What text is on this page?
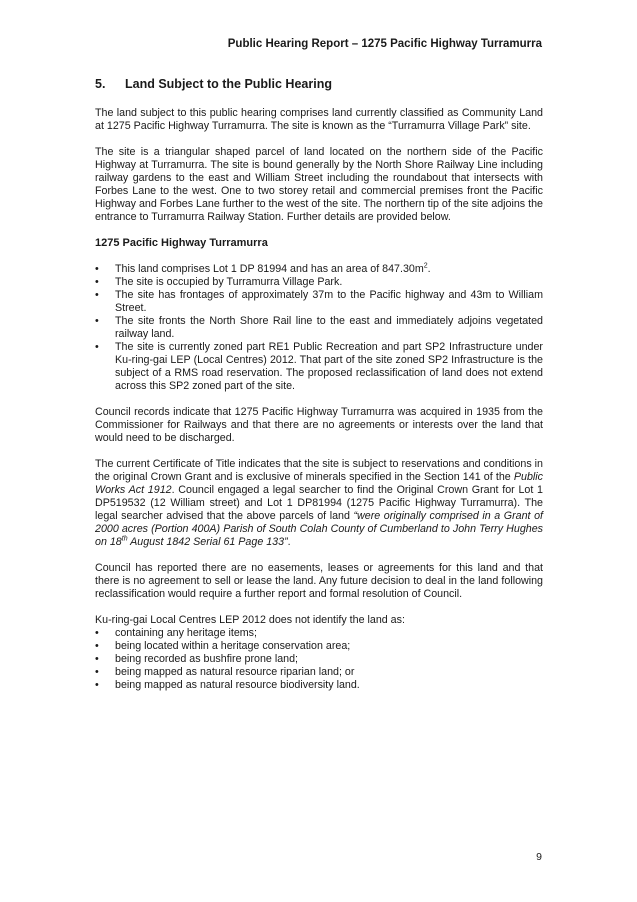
Public Hearing Report – 1275 Pacific Highway Turramurra
5.	Land Subject to the Public Hearing

The land subject to this public hearing comprises land currently classified as Community Land at 1275 Pacific Highway Turramurra. The site is known as the “Turramurra Village Park” site.

The site is a triangular shaped parcel of land located on the northern side of the Pacific Highway at Turramurra. The site is bound generally by the North Shore Railway Line including railway gardens to the east and William Street including the roundabout that intersects with Forbes Lane to the west. One to two storey retail and commercial premises front the Pacific Highway and Forbes Lane further to the west of the site. The northern tip of the site adjoins the entrance to Turramurra Railway Station. Further details are provided below.

1275 Pacific Highway Turramurra
• This land comprises Lot 1 DP 81994 and has an area of $847.30m^2$.
• The site is occupied by Turramurra Village Park.
• The site has frontages of approximately 37m to the Pacific highway and 43m to William Street.
• The site fronts the North Shore Rail line to the east and immediately adjoins vegetated railway land.
• The site is currently zoned part RE1 Public Recreation and part SP2 Infrastructure under Ku-ring-gai LEP (Local Centres) 2012. That part of the site zoned SP2 Infrastructure is the subject of a RMS road reservation. The proposed reclassification of land does not extend across this SP2 zoned part of the site.

Council records indicate that 1275 Pacific Highway Turramurra was acquired in 1935 from the Commissioner for Railways and that there are no agreements or interests over the land that would need to be discharged.

The current Certificate of Title indicates that the site is subject to reservations and conditions in the original Crown Grant and is exclusive of minerals specified in the Section 141 of the Public Works Act 1912. Council engaged a legal searcher to find the Original Crown Grant for Lot 1 DP519532 (12 William street) and Lot 1 DP81994 (1275 Pacific Highway Turramurra). The legal searcher advised that the above parcels of land “were originally comprised in a Grant of 2000 acres (Portion 400A) Parish of South Colah County of Cumberland to John Terry Hughes on 18th August 1842 Serial 61 Page 133”.

Council has reported there are no easements, leases or agreements for this land and that there is no agreement to sell or lease the land. Any future decision to deal in the land following reclassification would require a further report and formal resolution of Council.

Ku-ring-gai Local Centres LEP 2012 does not identify the land as:

• containing any heritage items;
• being located within a heritage conservation area;
• being recorded as bushfire prone land;
• being mapped as natural resource riparian land; or
• being mapped as natural resource biodiversity land.
9
